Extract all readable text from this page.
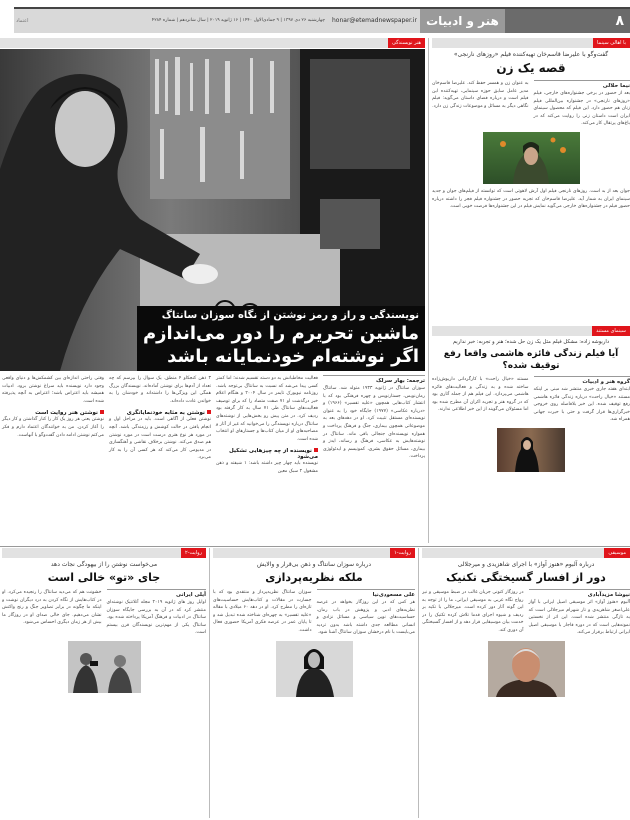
اعتماد	چهارشنبه ۲۶ دی ۱۳۹۷ | ۹ جمادی‌الاول ۱۴۴۰ | ۱۶ ژانویه ۲۰۱۹ | سال شانزدهم | شماره ۴۲۸۴ honar@etemadnewspaper.ir هنر و ادبیات	۸
هنر نویسندگی
نویسندگی و راز و رمز نوشتن از نگاه سوزان سانتاگ
ماشین تحریرم را دور می‌اندازم
اگر نوشته‌ام خودنمایانه باشد
ترجمه: بهار سرلک
سوزان سانتاگ در ژانویه ۱۹۳۳ متولد شد. سانتاگ رمان‌نویس، جستارنویس و چهره فرهنگی بود که با انتشار کتاب‌هایی همچون «علیه تفسیر» (۱۹۶۶) و «درباره عکاسی» (۱۹۷۷) جایگاه خود را به عنوان نویسنده‌ای مستقل تثبیت کرد. او در دهه‌های بعد به موضوعاتی همچون بیماری، جنگ و فرهنگ پرداخت و همواره نویسنده‌ای جنجالی باقی ماند. سانتاگ در نوشته‌هایش به عکاسی، فرهنگ و رسانه، ایدز و بیماری، مسائل حقوق بشری، کمونیسم و ایدئولوژی پرداخت.
فعالیت مخاطبانش به دو دسته تقسیم شدند؛ اما کمتر کسی پیدا می‌شد که نسبت به سانتاگ بی‌توجه باشد. روزنامه نیویورک تایمز در سال ۲۰۰۴ و هنگام اعلام خبر درگذشت او ۷۱ صفت متضاد را که برای توصیف فعالیت‌های سانتاگ طی ۷۱ سال به کار گرفته بود ردیف کرد. در متن پیش رو بخش‌هایی از نوشته‌های سانتاگ درباره نویسندگی را می‌خوانید که غیر از آثار و مصاحبه‌های او از میان کتاب‌ها و جستارهای او انتخاب شده است.
نویسنده از چه چیزهایی تشکیل می‌شود
نویسنده باید چهار چیز داشته باشد: ۱ شیفته و ذهن مشغول ۲ سبک معین
۳ ذهن کنجکاو ۴ منطق. یک سوال را بپرسم که چه تعداد از آدم‌ها برای نوشتن آماده‌اند. نویسندگان بزرگ همگی این ویژگی‌ها را داشته‌اند و خودشان را به خواندن عادت داده‌اند.
نوشتن به مثابه خودنمایانگری
نوشتن فعلی از آگاهی است. باید در مراحل اول و انجام یافتن در حالت کوشش و رزمندگی باشد. آنچه در مورد هر نوع هنری درست است در مورد نوشتن هم صدق می‌کند. نوشتن برخلاف نقاشی و آهنگسازی در مدیومی کار می‌کند که هر کسی آن را به کار می‌برد.
وقتی راحتی اندازه‌ای بین کشمکش‌ها و دنیای واقعی وجود دارد نویسنده باید سراغ نوشتن برود. ادبیات همیشه باید اعتراض باشد؛ اعتراض به آنچه پذیرفته شده است.
نوشتن هنر روایت است
نوشتن یعنی هر روز یک کار را کنار گذاشتن و کار دیگر را آغاز کردن. من به خوانندگان اعتماد دارم و فکر می‌کنم نوشتن ادامه دادن گفت‌وگو با آنهاست.
با اهالی سینما
گفت‌وگو با علیرضا قاسم‌خان تهیه‌کننده فیلم «روزهای نارنجی»
قصه یک زن
نیما حلالی
بعد از حضور در برخی جشنواره‌های خارجی، فیلم «روزهای نارنجی» در جشنواره بین‌المللی فیلم زنان هم حضور دارد. این فیلم که محصول سینمای ایران است داستان زنی را روایت می‌کند که در باغ‌های پرتقال کار می‌کند.
به عنوان زن و همسر حفظ کند. علیرضا قاسم‌خان مدیر عامل سابق حوزه سینمایی، تهیه‌کننده این فیلم است و درباره فضای داستان می‌گوید: فیلم نگاهی دیگر به مسائل و موضوعات زندگی زن دارد.
جوان بعد از بد است. روزهای نارنجی فیلم اول آرش لاهوتی است که توانسته از فیلم‌های جوان و جدید سینمای ایران به شمار آید. علیرضا قاسم‌خان که تجربه حضور در جشنواره فیلم فجر را داشته درباره حضور فیلم در جشنواره‌های خارجی می‌گوید نمایش فیلم در این جشنواره‌ها فرصت خوبی است.
سینمای مستند
داریوشه زاده: مشکل فیلم مثل یک زن حل شده؛ هنر و تجربه: خبر نداریم
آیا فیلم زندگی فائزه هاشمی واقعا رفع توقیف شده؟
گروه هنر و ادبیات
ابتدای هفته جاری خبری منتشر شد مبنی بر اینکه مستند «خیال راحت» درباره زندگی فائزه هاشمی رفع توقیف شده. این خبر بلافاصله روی خروجی خبرگزاری‌ها قرار گرفت و حتی با حیرت جهانی همراه شد.
مستند «خیال راحت» با کارگردانی داریوش‌زاده ساخته شده و به زندگی و فعالیت‌های فائزه هاشمی می‌پردازد. این فیلم هم از جمله آثاری بود که در گروه هنر و تجربه اکران آن مطرح شده بود اما مسئولان می‌گویند از این خبر اطلاعی ندارند.
موسیقی
درباره آلبوم «هنوز آواز» با اجرای شاهزیدی و میرجلالی
دور از افسار گسیختگی تکنیک
نیوشا مزیدآبادی
آلبوم «هنوز آواز» اثر موسیقی اصیل ایرانی با آواز علی‌اصغر شاهزیدی و تار شهرام میرجلالی است که به تازگی منتشر شده است. این اثر از نخستین نمونه‌هایی است که در دوره قاجار با موسیقی اصیل ایرانی ارتباط برقرار می‌کند.
در روزگار کنونی جریان غالب در ضبط موسیقی و نیز رواج نگاه غربی به موسیقی ایرانی، ما را از توجه به این گونه آثار دور کرده است. میرجلالی با تکیه بر ردیف و شیوه اجرای قدما تلاش کرده تکنیک را در خدمت بیان موسیقایی قرار دهد و از افسار گسیختگی آن دوری کند.
روایت-۱
درباره سوزان سانتاگ و ذهن بی‌قرار و والایش
ملکه نظریه‌پردازی
علی مسعودی‌نیا
هر کس که در این روزگار بخواهد در عرصه نظریه‌های ادبی و پژوهش در باب رمان، حساسیت‌های نوین سیاسی و مسائل نژادی و انسانی مطالعه جدی داشته باشد بدون تردید می‌بایست با نام درخشان سوزان سانتاگ آشنا شود.
سوزان سانتاگ نظریه‌پرداز و منتقدی بود که با جسارت در مقالات و کتاب‌هایش حساسیت‌های تازه‌ای را مطرح کرد. او در دهه ۶۰ میلادی با مقاله «علیه تفسیر» به چهره‌ای شناخته شده تبدیل شد و تا پایان عمر در عرصه فکری آمریکا حضوری فعال داشت.
روایت-۲
می‌خواست نوشتن را از بیهودگی نجات دهد
جای «تو» خالی است
آیلی ایرانی
اوایل روز های ژانویه ۲۰۱۹ مجله آتلانتیک نوشته‌ای منتشر کرد که در آن به بررسی جایگاه سوزان سانتاگ در ادبیات و فرهنگ آمریکا پرداخته شده بود. سانتاگ یکی از مهم‌ترین نویسندگان قرن بیستم است.
خشونت هم که می‌دید سانتاگ را رنجیده می‌کرد. او در کتاب‌هایش از نگاه کردن به درد دیگران نوشت و اینکه ما چگونه در برابر تصاویر جنگ و رنج واکنش نشان می‌دهیم. جای خالی صدای او در روزگار ما بیش از هر زمان دیگری احساس می‌شود.
